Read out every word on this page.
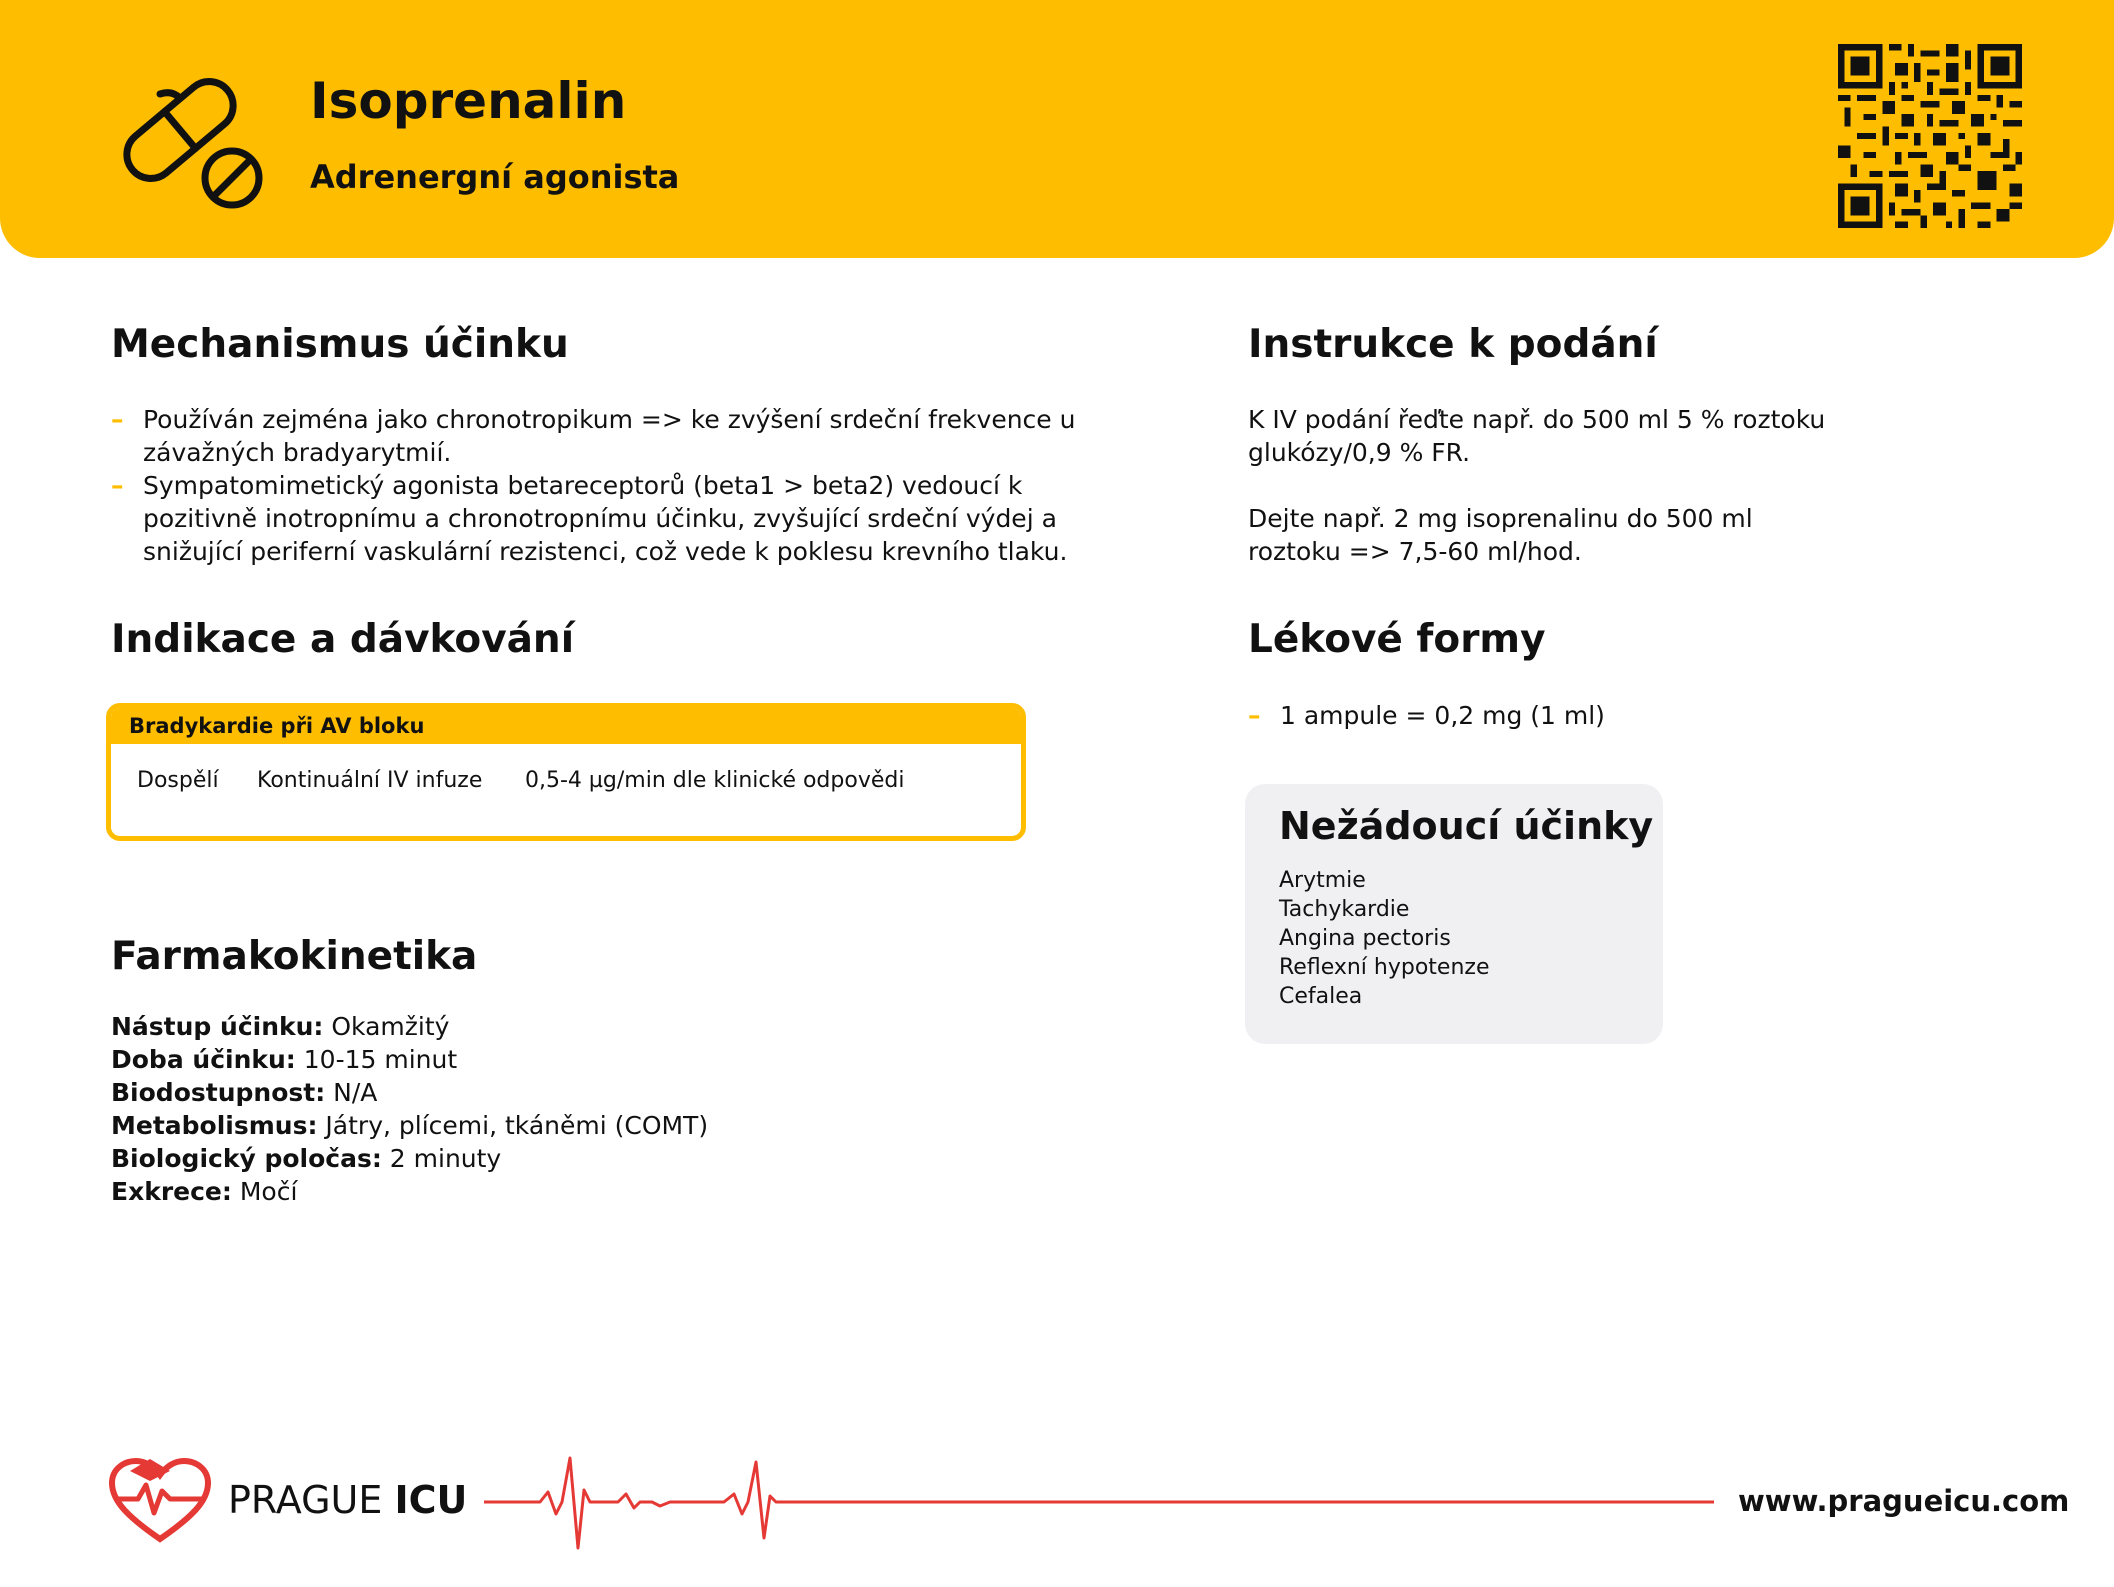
Isoprenalin
Adrenergní agonista
Mechanismus účinku
– Používán zejména jako chronotropikum => ke zvýšení srdeční frekvence u závažných bradyarytmií.
– Sympatomimetický agonista betareceptorů (beta1 > beta2) vedoucí k pozitivně inotropnímu a chronotropnímu účinku, zvyšující srdeční výdej a snižující periferní vaskulární rezistenci, což vede k poklesu krevního tlaku.
Indikace a dávkování
Bradykardie při AV bloku
Dospělí Kontinuální IV infuze 0,5-4 µg/min dle klinické odpovědi
Farmakokinetika
Nástup účinku: Okamžitý
Doba účinku: 10-15 minut
Biodostupnost: N/A
Metabolismus: Játry, plícemi, tkáněmi (COMT)
Biologický poločas: 2 minuty
Exkrece: Močí
Instrukce k podání
K IV podání řeďte např. do 500 ml 5 % roztoku glukózy/0,9 % FR.
Dejte např. 2 mg isoprenalinu do 500 ml roztoku => 7,5-60 ml/hod.
Lékové formy
– 1 ampule = 0,2 mg (1 ml)
Nežádoucí účinky
Arytmie
Tachykardie
Angina pectoris
Reflexní hypotenze
Cefalea
PRAGUE ICU	www.pragueicu.com
